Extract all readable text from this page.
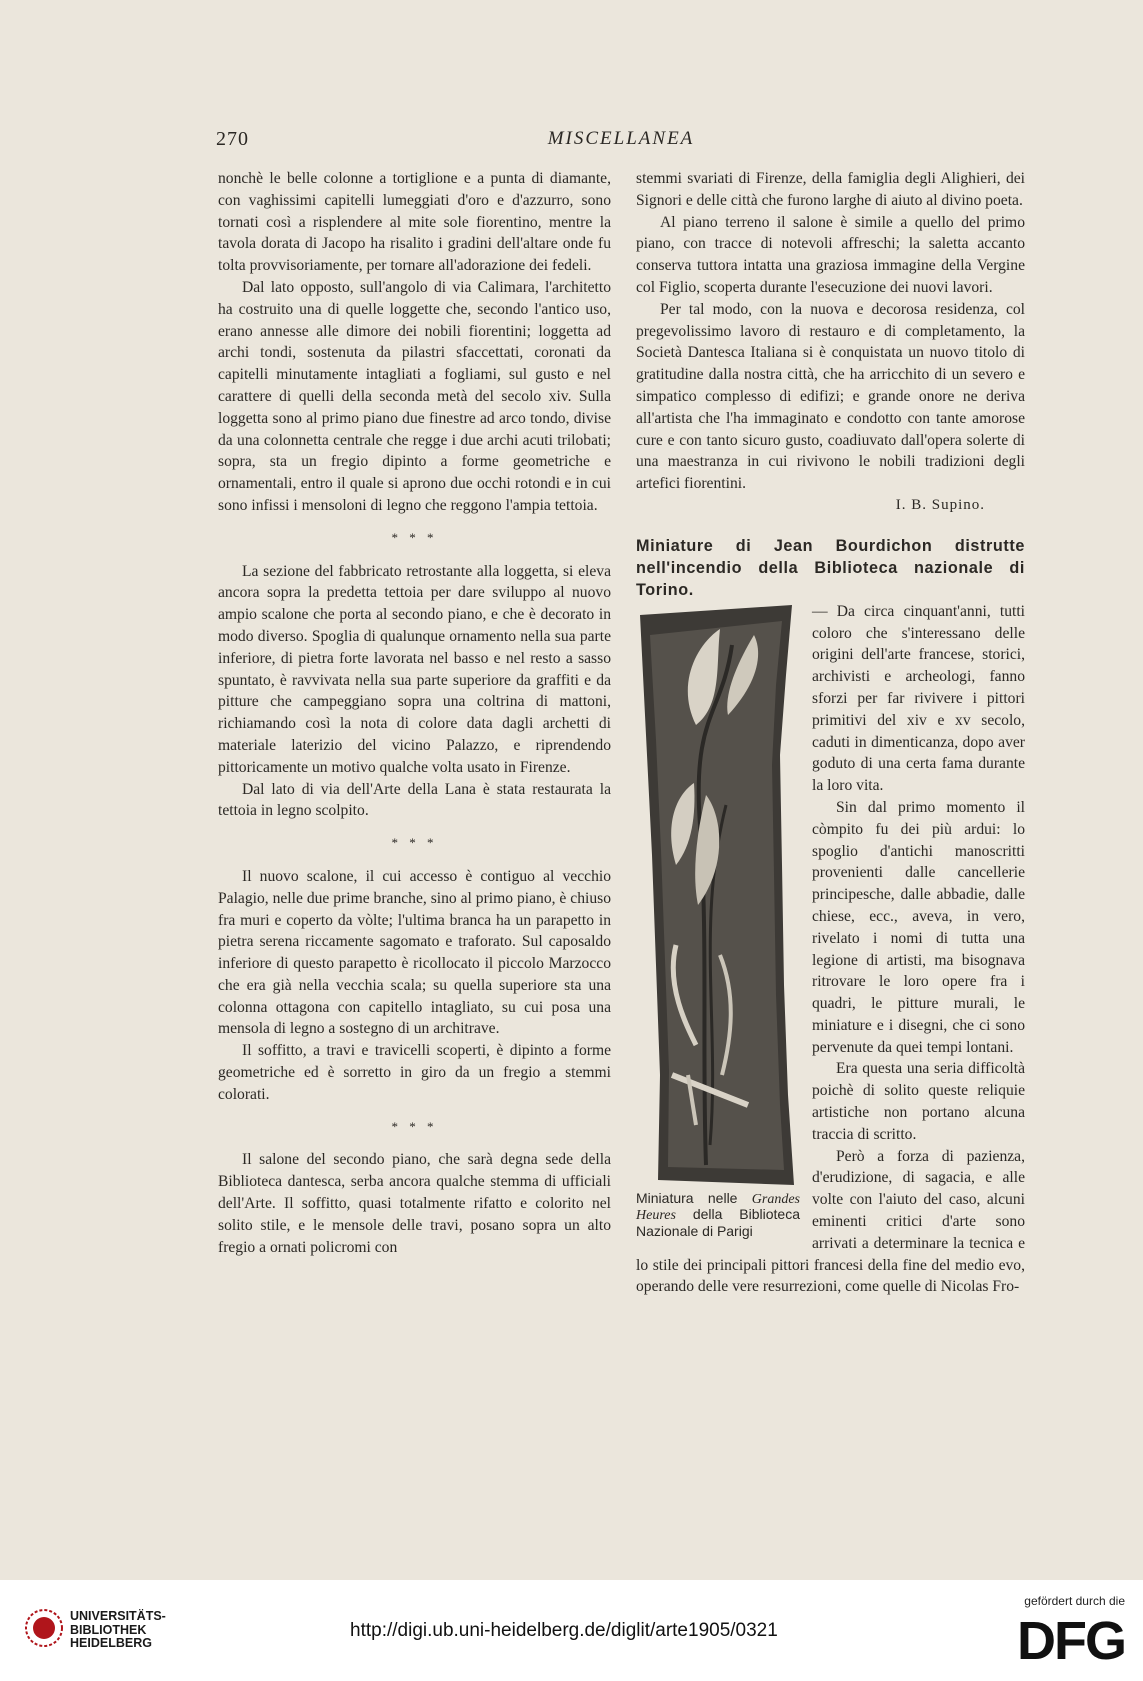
270	MISCELLANEA

nonchè le belle colonne a tortiglione e a punta di diamante, con vaghissimi capitelli lumeggiati d'oro e d'azzurro, sono tornati così a risplendere al mite sole fiorentino, mentre la tavola dorata di Jacopo ha risalito i gradini dell'altare onde fu tolta provvisoriamente, per tornare all'adorazione dei fedeli.

Dal lato opposto, sull'angolo di via Calimara, l'architetto ha costruito una di quelle loggette che, secondo l'antico uso, erano annesse alle dimore dei nobili fiorentini; loggetta ad archi tondi, sostenuta da pilastri sfaccettati, coronati da capitelli minutamente intagliati a fogliami, sul gusto e nel carattere di quelli della seconda metà del secolo xiv. Sulla loggetta sono al primo piano due finestre ad arco tondo, divise da una colonnetta centrale che regge i due archi acuti trilobati; sopra, sta un fregio dipinto a forme geometriche e ornamentali, entro il quale si aprono due occhi rotondi e in cui sono infissi i mensoloni di legno che reggono l'ampia tettoia.

* * *

La sezione del fabbricato retrostante alla loggetta, si eleva ancora sopra la predetta tettoia per dare sviluppo al nuovo ampio scalone che porta al secondo piano, e che è decorato in modo diverso. Spoglia di qualunque ornamento nella sua parte inferiore, di pietra forte lavorata nel basso e nel resto a sasso spuntato, è ravvivata nella sua parte superiore da graffiti e da pitture che campeggiano sopra una coltrina di mattoni, richiamando così la nota di colore data dagli archetti di materiale laterizio del vicino Palazzo, e riprendendo pittoricamente un motivo qualche volta usato in Firenze.

Dal lato di via dell'Arte della Lana è stata restaurata la tettoia in legno scolpito.

* * *

Il nuovo scalone, il cui accesso è contiguo al vecchio Palagio, nelle due prime branche, sino al primo piano, è chiuso fra muri e coperto da vòlte; l'ultima branca ha un parapetto in pietra serena riccamente sagomato e traforato. Sul caposaldo inferiore di questo parapetto è ricollocato il piccolo Marzocco che era già nella vecchia scala; su quella superiore sta una colonna ottagona con capitello intagliato, su cui posa una mensola di legno a sostegno di un architrave.

Il soffitto, a travi e travicelli scoperti, è dipinto a forme geometriche ed è sorretto in giro da un fregio a stemmi colorati.

* * *

Il salone del secondo piano, che sarà degna sede della Biblioteca dantesca, serba ancora qualche stemma di ufficiali dell'Arte. Il soffitto, quasi totalmente rifatto e colorito nel solito stile, e le mensole delle travi, posano sopra un alto fregio a ornati policromi con

stemmi svariati di Firenze, della famiglia degli Alighieri, dei Signori e delle città che furono larghe di aiuto al divino poeta.

Al piano terreno il salone è simile a quello del primo piano, con tracce di notevoli affreschi; la saletta accanto conserva tuttora intatta una graziosa immagine della Vergine col Figlio, scoperta durante l'esecuzione dei nuovi lavori.

Per tal modo, con la nuova e decorosa residenza, col pregevolissimo lavoro di restauro e di completamento, la Società Dantesca Italiana si è conquistata un nuovo titolo di gratitudine dalla nostra città, che ha arricchito di un severo e simpatico complesso di edifizi; e grande onore ne deriva all'artista che l'ha immaginato e condotto con tante amorose cure e con tanto sicuro gusto, coadiuvato dall'opera solerte di una maestranza in cui rivivono le nobili tradizioni degli artefici fiorentini.

I. B. Supino.
Miniature di Jean Bourdichon distrutte nell'incendio della Biblioteca nazionale di Torino.
Miniatura nelle Grandes Heures della Biblioteca Nazionale di Parigi

— Da circa cinquant'anni, tutti coloro che s'interessano delle origini dell'arte francese, storici, archivisti e archeologi, fanno sforzi per far rivivere i pittori primitivi del xiv e xv secolo, caduti in dimenticanza, dopo aver goduto di una certa fama durante la loro vita.

Sin dal primo momento il còmpito fu dei più ardui: lo spoglio d'antichi manoscritti provenienti dalle cancellerie principesche, dalle abbadie, dalle chiese, ecc., aveva, in vero, rivelato i nomi di tutta una legione di artisti, ma bisognava ritrovare le loro opere fra i quadri, le pitture murali, le miniature e i disegni, che ci sono pervenute da quei tempi lontani.

Era questa una seria difficoltà poichè di solito queste reliquie artistiche non portano alcuna traccia di scritto.

Però a forza di pazienza, d'erudizione, di sagacia, e alle volte con l'aiuto del caso, alcuni eminenti critici d'arte sono arrivati a determinare la tecnica e lo stile dei principali pittori francesi della fine del medio evo, operando delle vere resurrezioni, come quelle di Nicolas Fro-

UNIVERSITÄTS-
BIBLIOTHEK
HEIDELBERG
http://digi.ub.uni-heidelberg.de/diglit/arte1905/0321
gefördert durch die
DFG
